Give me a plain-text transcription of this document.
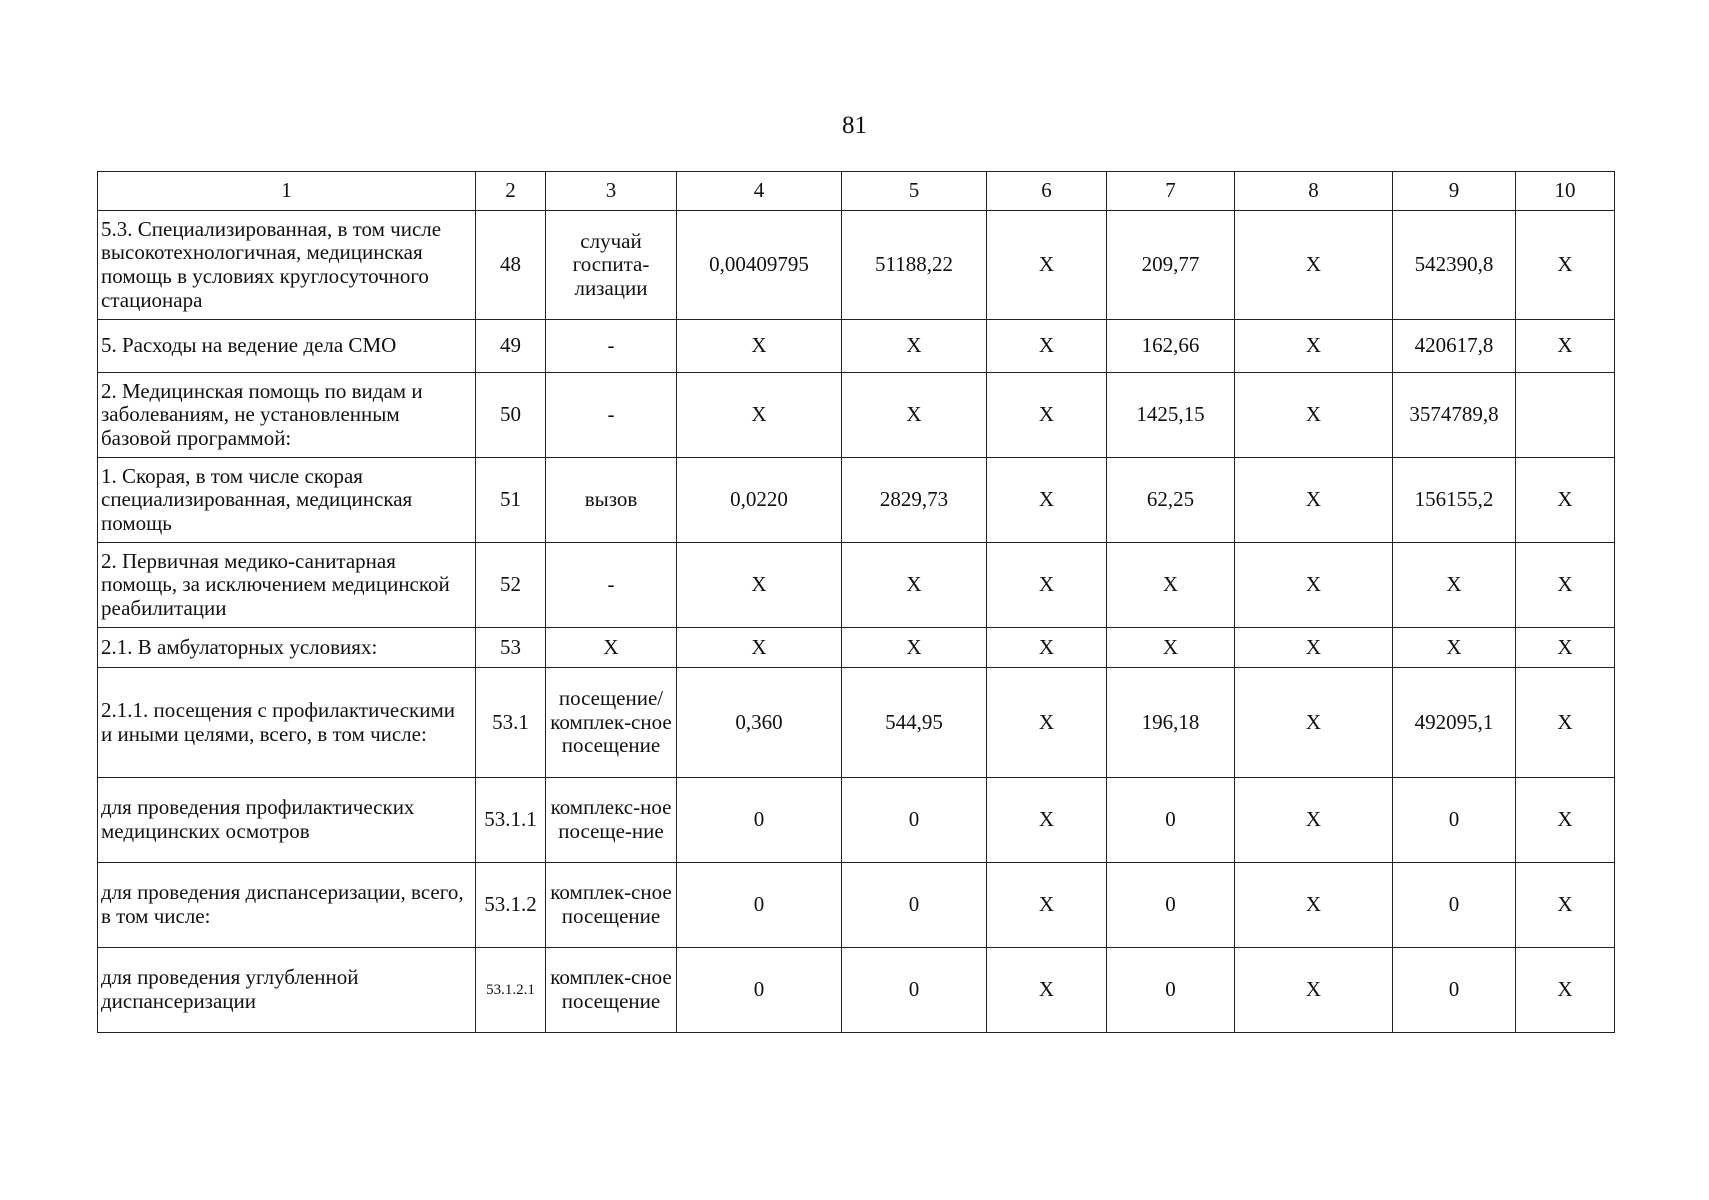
81
1	2	3	4	5	6	7	8	9	10
5.3. Специализированная, в том числе высокотехнологичная, медицинская помощь в условиях круглосуточного стационара	48	случай госпита-лизации	0,00409795	51188,22	Х	209,77	Х	542390,8	Х
5. Расходы на ведение дела СМО	49	-	Х	Х	Х	162,66	Х	420617,8	Х
2. Медицинская помощь по видам и заболеваниям, не установленным базовой программой:	50	-	Х	Х	Х	1425,15	Х	3574789,8	
1. Скорая, в том числе скорая специализированная, медицинская помощь	51	вызов	0,0220	2829,73	Х	62,25	Х	156155,2	Х
2. Первичная медико-санитарная помощь, за исключением медицинской реабилитации	52	-	Х	Х	Х	Х	Х	Х	Х
2.1. В амбулаторных условиях:	53	Х	Х	Х	Х	Х	Х	Х	Х
2.1.1. посещения с профилактическими и иными целями, всего, в том числе:	53.1	посещение/ комплек-сное посещение	0,360	544,95	Х	196,18	Х	492095,1	Х
для проведения профилактических медицинских осмотров	53.1.1	комплекс-ное посеще-ние	0	0	Х	0	Х	0	Х
для проведения диспансеризации, всего, в том числе:	53.1.2	комплек-сное посещение	0	0	Х	0	Х	0	Х
для проведения углубленной диспансеризации	53.1.2.1	комплек-сное посещение	0	0	Х	0	Х	0	Х
